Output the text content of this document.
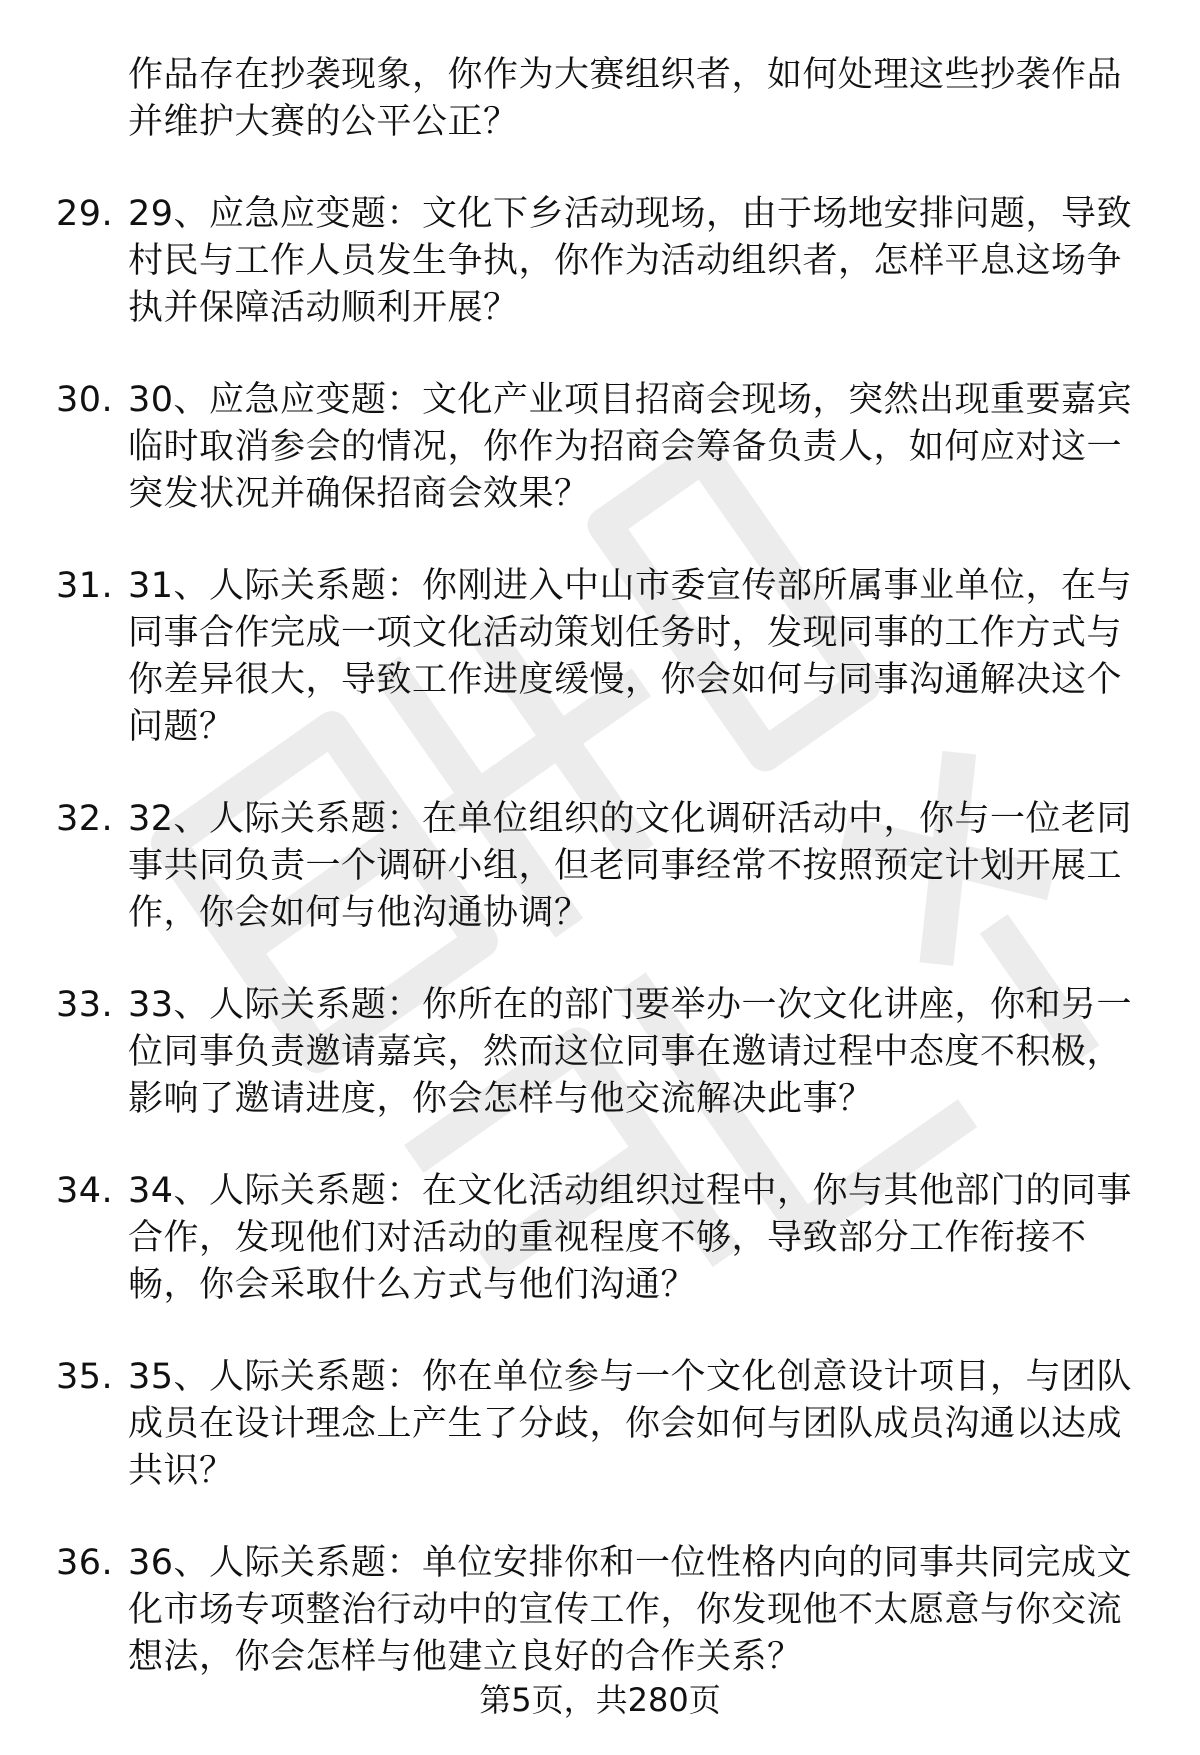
作品存在抄袭现象，你作为大赛组织者，如何处理这些抄袭作品并维护大赛的公平公正？

29. 29、应急应变题：文化下乡活动现场，由于场地安排问题，导致村民与工作人员发生争执，你作为活动组织者，怎样平息这场争执并保障活动顺利开展？
30. 30、应急应变题：文化产业项目招商会现场，突然出现重要嘉宾临时取消参会的情况，你作为招商会筹备负责人，如何应对这一突发状况并确保招商会效果？
31. 31、人际关系题：你刚进入中山市委宣传部所属事业单位，在与同事合作完成一项文化活动策划任务时，发现同事的工作方式与你差异很大，导致工作进度缓慢，你会如何与同事沟通解决这个问题？
32. 32、人际关系题：在单位组织的文化调研活动中，你与一位老同事共同负责一个调研小组，但老同事经常不按照预定计划开展工作，你会如何与他沟通协调？
33. 33、人际关系题：你所在的部门要举办一次文化讲座，你和另一位同事负责邀请嘉宾，然而这位同事在邀请过程中态度不积极，影响了邀请进度，你会怎样与他交流解决此事？
34. 34、人际关系题：在文化活动组织过程中，你与其他部门的同事合作，发现他们对活动的重视程度不够，导致部分工作衔接不畅，你会采取什么方式与他们沟通？
35. 35、人际关系题：你在单位参与一个文化创意设计项目，与团队成员在设计理念上产生了分歧，你会如何与团队成员沟通以达成共识？
36. 36、人际关系题：单位安排你和一位性格内向的同事共同完成文化市场专项整治行动中的宣传工作，你发现他不太愿意与你交流想法，你会怎样与他建立良好的合作关系？
第5页，共280页
